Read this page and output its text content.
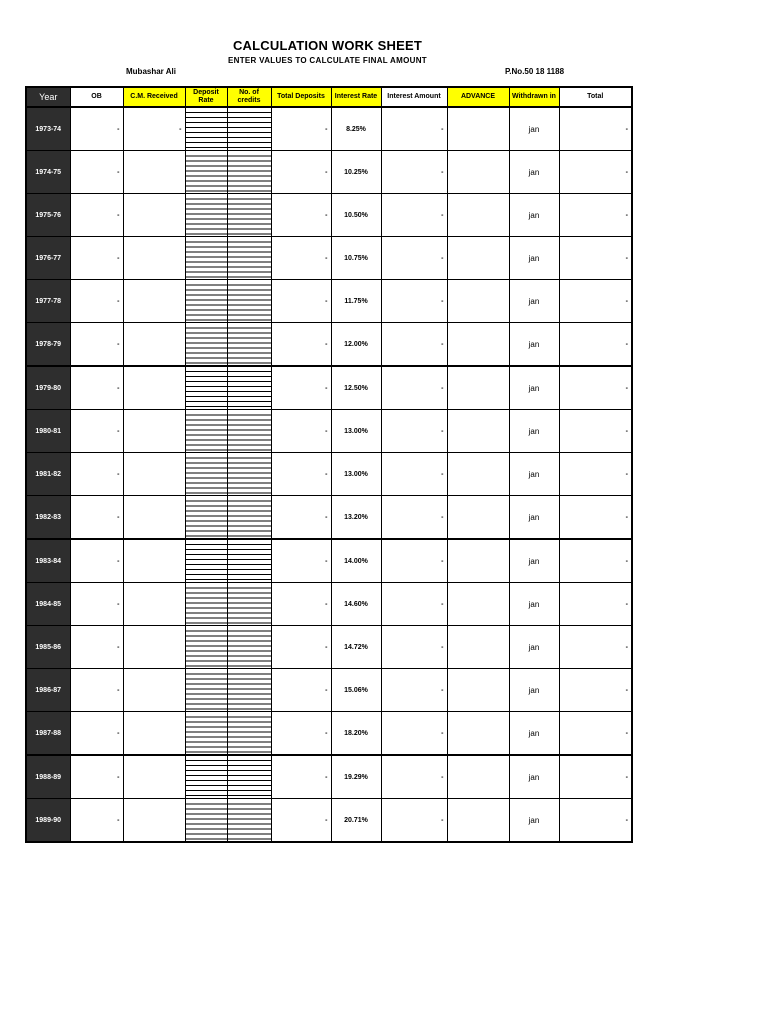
CALCULATION WORK SHEET
ENTER VALUES TO CALCULATE FINAL AMOUNT
Mubashar Ali	P.No.50 18 1188
Year	OB	C.M. Received	Deposit Rate	No. of credits	Total Deposits	Interest Rate	Interest Amount	ADVANCE	Withdrawn in	Total
1973-74	-	-			-	8.25%	-		jan	-
1974-75	-				-	10.25%	-		jan	-
1975-76	-				-	10.50%	-		jan	-
1976-77	-				-	10.75%	-		jan	-
1977-78	-				-	11.75%	-		jan	-
1978-79	-				-	12.00%	-		jan	-
1979-80	-				-	12.50%	-		jan	-
1980-81	-				-	13.00%	-		jan	-
1981-82	-				-	13.00%	-		jan	-
1982-83	-				-	13.20%	-		jan	-
1983-84	-				-	14.00%	-		jan	-
1984-85	-				-	14.60%	-		jan	-
1985-86	-				-	14.72%	-		jan	-
1986-87	-				-	15.06%	-		jan	-
1987-88	-				-	18.20%	-		jan	-
1988-89	-				-	19.29%	-		jan	-
1989-90	-				-	20.71%	-		jan	-
